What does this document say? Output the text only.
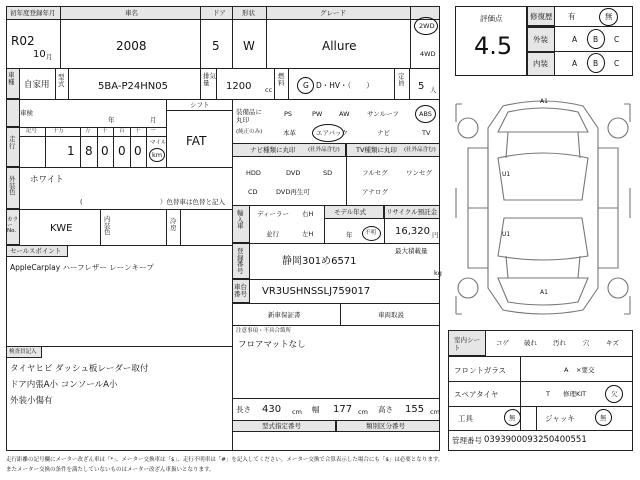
初年度登録年月	車名	ドア 形状	グレード
R02
10 月
2008	5 W	Allure
2WD
4WD
車種 自家用
型式	5BA-P24HN05
排気量	1200 cc
燃料 G D・HV・（　　）
定員 5 人
車検
年	月
シフト
FAT
走行
記号	十万	万 千 百 十 一
1 8 0 0 0
マイル
km
外装色
ホワイト
）色替車は色替と記入
(
カラーNo.	KWE
内装色
冷房
セールスポイント
AppleCarplay ハーフレザー レーンキープ
検査員記入
タイヤヒビ ダッシュ板レーダー取付
ドア内張A小 コンソールA小
外装小傷有
装備品に丸印
(純正のみ)
PS	PW	AW	サンルーフ	ABS
本革	エアバック	ナビ	TV
ナビ種類に丸印 (社外品含む) TV種類に丸印 (社外品含む)
HDD	DVD	SD
CD	DVD再生可
フルセグ	ワンセグ
アナログ
輸入車
ディーラー
並行
右H
左H
モデル年式
年 不明
リサイクル預託金
16,320 円
登録番号
静岡301め6571
最大積載量
kg
車台番号 VR3USHNSSLJ759017
新車保証書	車両取説
注意事項・不具合箇所
フロアマットなし
長さ 430 cm 幅 177 cm 高さ 155 cm
型式指定番号	類別区分番号
評価点
4.5
修復歴 有	無
外装	A B C
内装	A B C
A1
U1
U1
A1
室内シート
コゲ 破れ 汚れ	穴	キズ
フロントガラス	A ×要交
スペアタイヤ	T 修理KIT	欠
工具	無	ジャッキ	無
管理番号 0393900093250400551
走行距離の記号欄にメーター改ざん車は「*」、メーター交換車は「$」、走行不明車は「#」を記入してください。メーター交換で合算表示した場合にも「$」は必要となります。
またメーター交換の条件を満たしていないものはメーター改ざん車扱いとなります。
